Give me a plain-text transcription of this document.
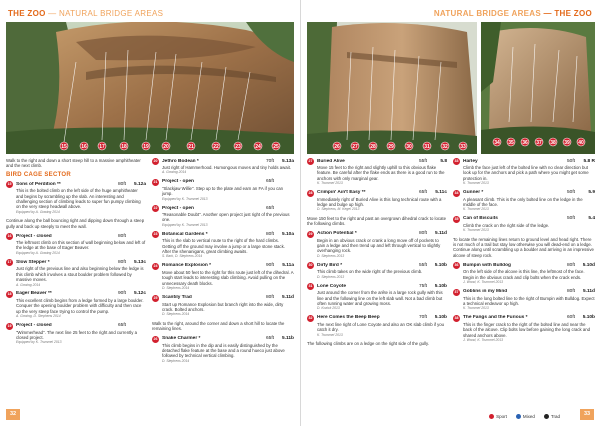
THE ZOO — NATURAL BRIDGE AREAS
15	16 17	18	19	20	21	22	23	24 25

Walk to the right and down a short steep hill to a massive amphitheater and the next climb.

BIRD CAGE SECTOR
15 Sons of Perdition **	80ft	5.12a
This is the bolted climb on the left side of the huge amphitheater and begins by scrambling up the slab. An interesting and challenging section of climbing leads to super fun pumpy climbing on the very steep headwall above.
Equipped by A. Gowing 2014

Continue along the ball bouncing right and dipping down through a steep gully and back up steeply to meet the wall.

16 Project - closed	80ft
The leftmost climb on this section of wall beginning below and left of the ledge at the base of Eager Beaver.
Equipped by A. Gowing 2014
17 Slow Stepper *	80ft	5.13c
Just right of the previous line and also beginning below the ledge is this climb which involves a stout boulder problem followed by massive moves.
A. Gowing 2014
18 Eager Beaver **	90ft	5.12c
This excellent climb begins from a ledge formed by a large boulder. Conquer the opening boulder problem with difficulty and then race up the very steep face trying to control the pump.
A. Gowing, D. Stephens 2014
19 Project - closed	65ft
"Wimmerhead". The next line 25 feet to the right and currently a closed project.
Equipped by K. Trummel 2013
20 Jethro Bodean *	70ft	5.13a
Just right of Hammerhood. Humongous moves and tiny holds await.
A. Gowing 2014
21 Project - open	65ft
"Slackjaw Willie". Step up to the plate and earn an FA if you can jump.
Equipped by K. Trummel 2013
22 Project - open	65ft
"Reasonable Doubt". Another open project just right of the previous one.
Equipped by K. Trummel 2013
23 Botanical Gardens *	80ft	5.10a
This is the slab to vertical route to the right of the hard climbs. Getting off the ground may involve a jump or a large stone stack. After the shenanigans, great climbing awaits.
S. Bark, D. Stephens 2014
24 Romance Explosion *	90ft	5.11a
Move about 50 feet to the right for this route just left of the dihedral. A tough start leads to interesting slab climbing. Avoid pulling on the unnecessary death blocks.
D. Stephens 2014
25 Scantily Trad	80ft	5.11d
Start up Romance Explosion but branch right into the wide, dirty crack. Bolted anchors.
D. Stephens 2014

Walk to the right, around the corner and down a short hill to locate the remaining lines.

26 Snake Charmer *	65ft	5.11b
This climb begins in the dip and is easily distinguished by the detached flake feature at the base and a round hueco just above followed by technical vertical climbing.
D. Stephens 2014
32
NATURAL BRIDGE AREAS — THE ZOO
26 27 28 29 30 31 32 33
34 35 36 37 38 39 40
27 Buried Alive	55ft	5.8
Move 15 feet to the right and slightly uphill to this obvious flake feature. Be careful after the flake ends as there is a good run to the anchors with only marginal gear.
K. Trummel 2013
28 Crimpin' Ain't Easy **	65ft	5.11c
Immediately right of Buried Alive is this long technical route with a ledge and bulge up high.
D. Stephens, M. Kegel 2013

Move 150 feet to the right and past an overgrown dihedral crack to locate the following climbs.

29 Action Potential *	80ft	5.11d
Begin in an obvious crack or crank a long move off of pockets to gain a ledge and then trend up and left through vertical to slightly overhanging rock.
D. Stephens 2013
30 Dirty Bird *	55ft	5.10b
This climb takes on the wide right of the previous climb.
D. Stephens 2013
31 Lone Coyote	75ft	5.10b
Just around the corner from the arête is a large rock gully with this line and the following line on the left slab wall. Not a bad climb but often running water and growing moss.
D. Kozick 2013
32 Here Comes the Beep Beep	70ft	5.10b
The next line right of Lone Coyote and also an OK slab climb if you catch it dry.
K. Trummel 2013

The following climbs are on a ledge on the right side of the gully.

33 Harley	50ft	5.8 R
Climb the face just left of the bolted line with no clear direction but look up for the anchors and pick a path where you might get some protection in.
K. Trummel 2013
34 Gunner *	50ft	5.9
A pleasant climb. This is the only bolted line on the ledge in the middle of the face.
K. Trummel 2013
35 Can of Biscuits	50ft	5.4
Climb the crack on the right side of the ledge.
K. Trummel 2013

To locate the remaining lines return to ground level and head right. There is not much of a trail but stay low otherwise you will dead-end on a ledge. Continue along until scrambling up a boulder and arriving in an impressive alcove of steep rock.

36 Bumpin with Bulldog	80ft	5.10d
On the left side of the alcove is this line, the leftmost of the face. Begin in the obvious crack and clip bolts when the crack ends.
J. Wood, K. Trummel 2013
37 Goblins in my Mind	80ft	5.11d
This is the long bolted line to the right of Bumpin with Bulldog. Expect a technical endeavor up high.
K. Trummel 2013
38 The Fangs and the Furious *	60ft	5.10b
This is the finger crack to the right of the bolted line and near the back of the alcove. Clip bolts low before gaining the long crack and shared anchors above.
J. Wood, K. Trummel 2013
Sport	Mixed	Trad	33
